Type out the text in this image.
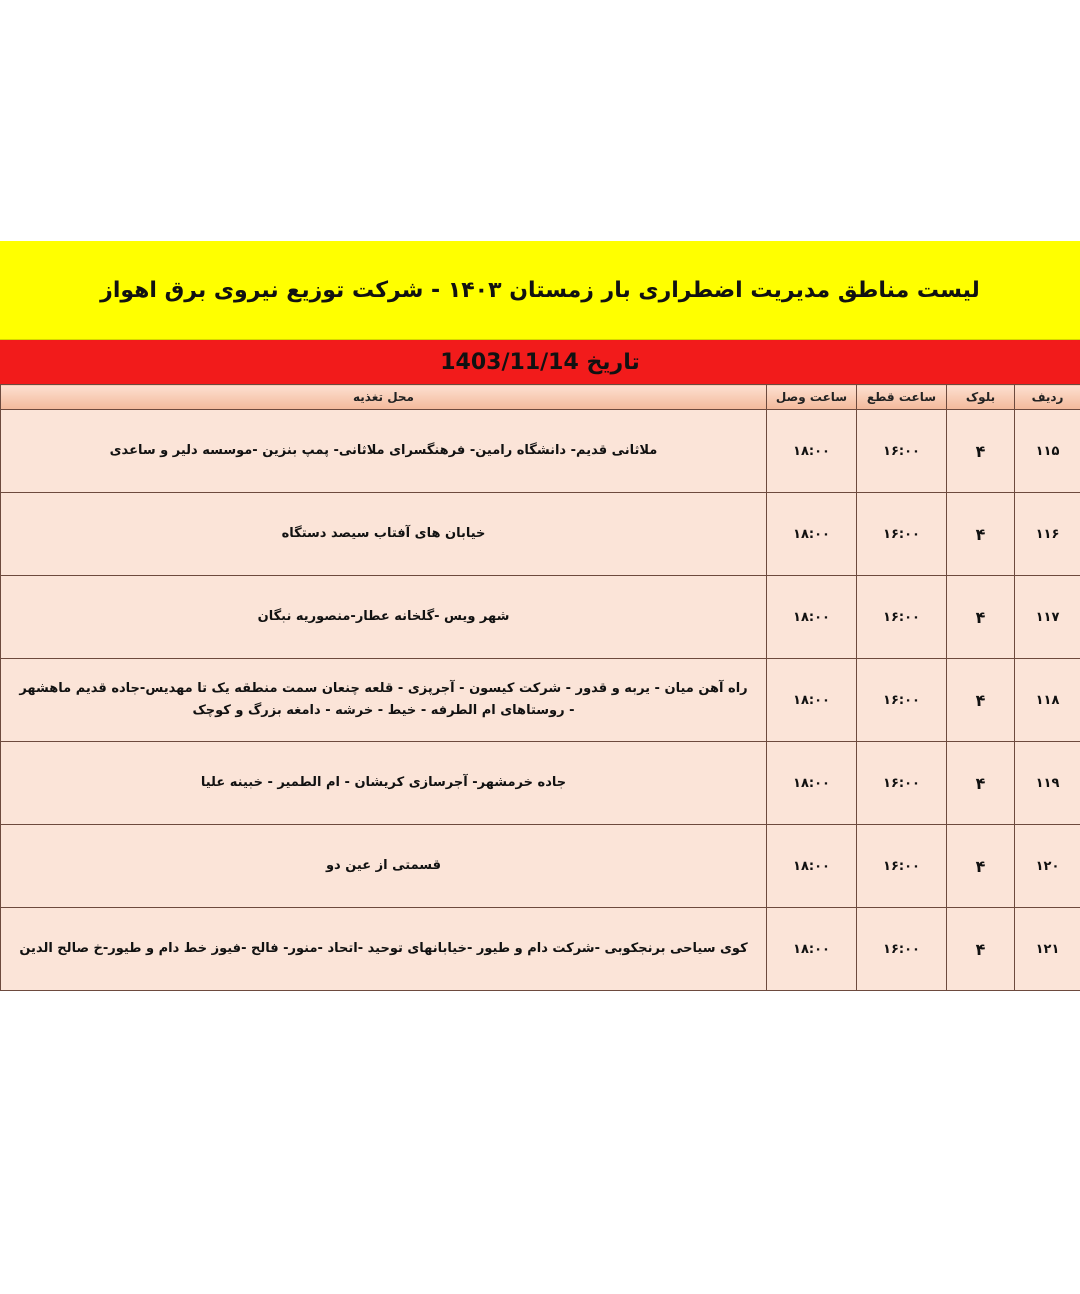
لیست مناطق مدیریت اضطراری بار زمستان ۱۴۰۳ - شرکت توزیع نیروی برق اهواز
تاریخ 1403/11/14
ردیف	بلوک	ساعت قطع	ساعت وصل	محل تغذیه
۱۱۵	۴	۱۶:۰۰	۱۸:۰۰	ملاثانی قدیم- دانشگاه رامین- فرهنگسرای ملاثانی- پمپ بنزین -موسسه دلیر و ساعدی
۱۱۶	۴	۱۶:۰۰	۱۸:۰۰	خیابان های آفتاب سیصد دستگاه
۱۱۷	۴	۱۶:۰۰	۱۸:۰۰	شهر ویس -گلخانه عطار-منصوریه نبگان
۱۱۸	۴	۱۶:۰۰	۱۸:۰۰	راه آهن میان - یربه و قدور - شرکت کیسون - آجرپزی - قلعه چنعان سمت منطقه یک تا مهدیس-جاده قدیم ماهشهر - روستاهای ام الطرفه - خیط - خرشه - دامغه بزرگ و کوچک
۱۱۹	۴	۱۶:۰۰	۱۸:۰۰	جاده خرمشهر- آجرسازی کریشان - ام الطمیر - خبینه علیا
۱۲۰	۴	۱۶:۰۰	۱۸:۰۰	قسمتی از عین دو
۱۲۱	۴	۱۶:۰۰	۱۸:۰۰	کوی سیاحی برنجکوبی -شرکت دام و طیور -خیابانهای توحید -اتحاد -منور- فالح -فیوز خط دام و طیور-خ صالح الدین
